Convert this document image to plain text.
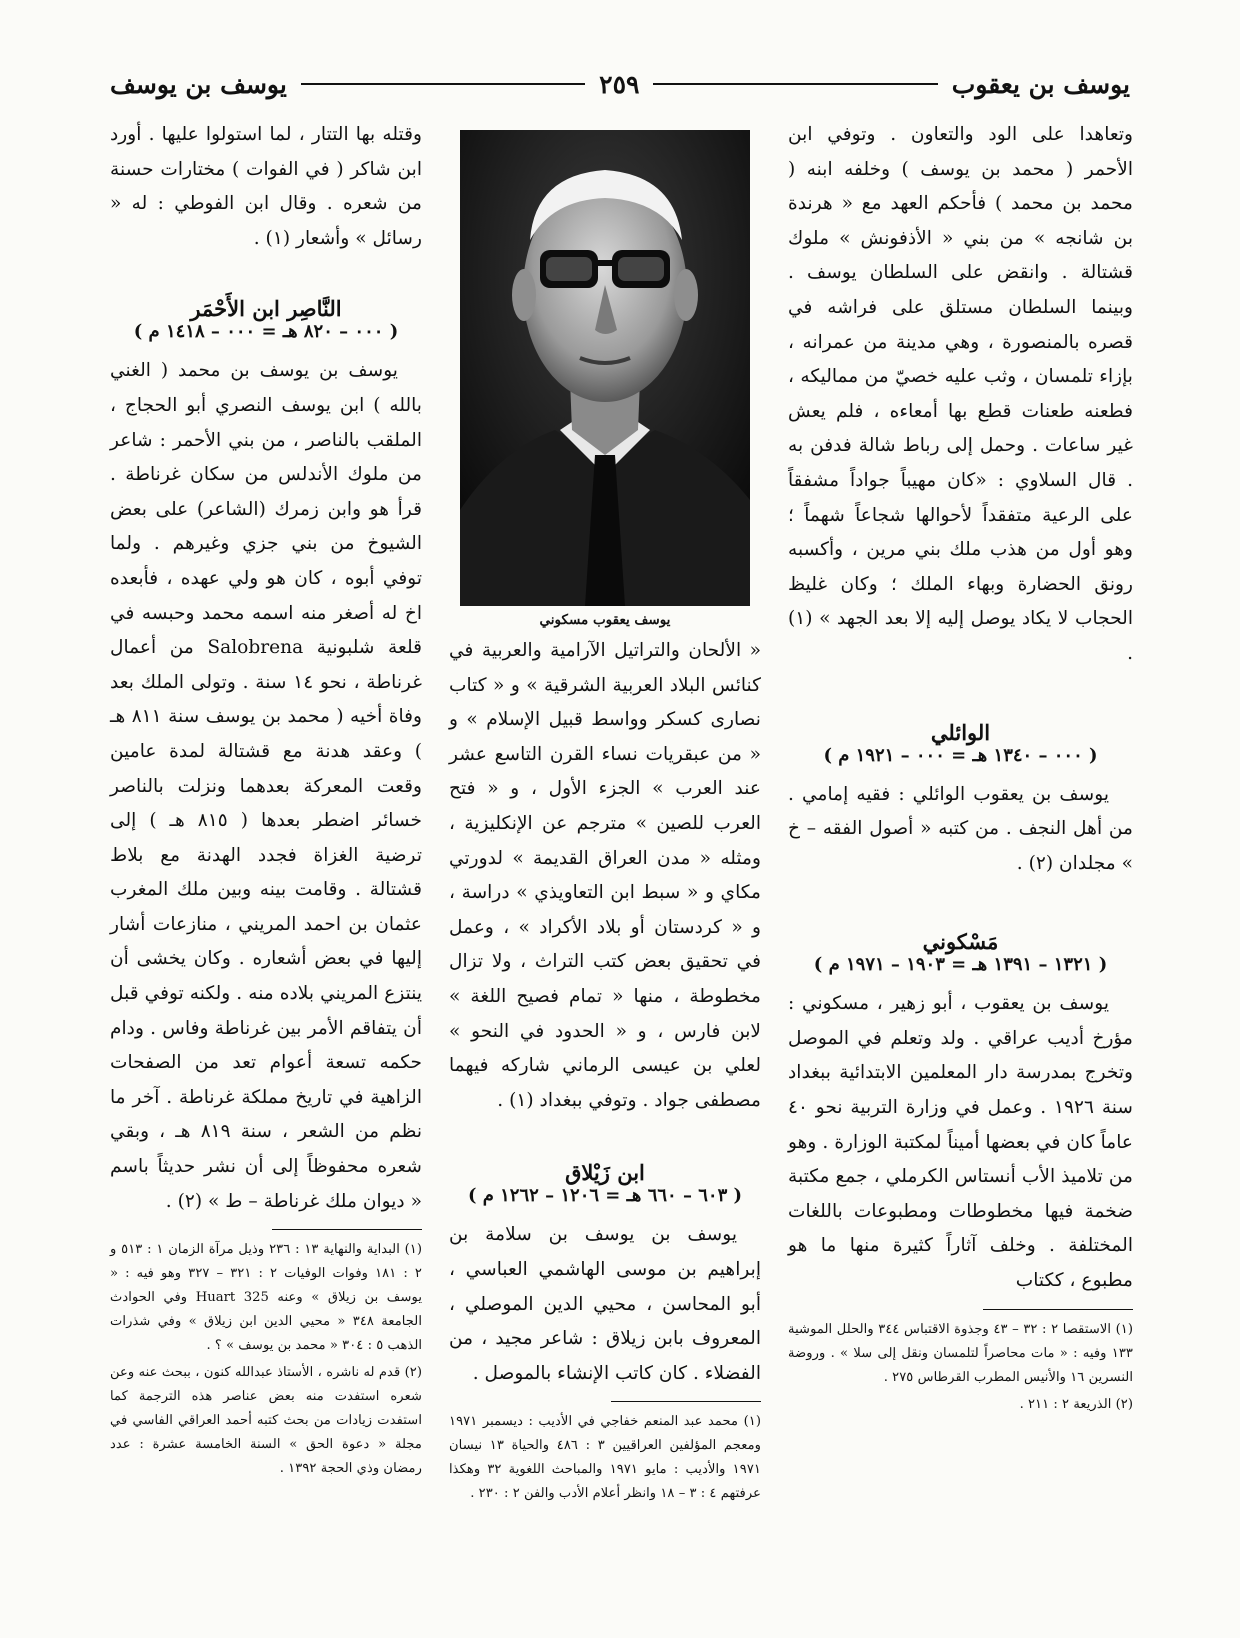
يوسف بن يعقوب
٢٥٩
يوسف بن يوسف

وتعاهدا على الود والتعاون . وتوفي ابن الأحمر ( محمد بن يوسف ) وخلفه ابنه ( محمد بن محمد ) فأحكم العهد مع « هرندة بن شانجه » من بني « الأذفونش » ملوك قشتالة . وانقض على السلطان يوسف . وبينما السلطان مستلق على فراشه في قصره بالمنصورة ، وهي مدينة من عمرانه ، بإزاء تلمسان ، وثب عليه خصيّ من مماليكه ، فطعنه طعنات قطع بها أمعاءه ، فلم يعش غير ساعات . وحمل إلى رباط شالة فدفن به . قال السلاوي : «كان مهيباً جواداً مشفقاً على الرعية متفقداً لأحوالها شجاعاً شهماً ؛ وهو أول من هذب ملك بني مرين ، وأكسبه رونق الحضارة وبهاء الملك ؛ وكان غليظ الحجاب لا يكاد يوصل إليه إلا بعد الجهد » (١) .

الوائلي
( ٠٠٠ – ١٣٤٠ هـ = ٠٠٠ – ١٩٢١ م )

يوسف بن يعقوب الوائلي : فقيه إمامي . من أهل النجف . من كتبه « أصول الفقه – خ » مجلدان (٢) .

مَسْكوني
( ١٣٢١ – ١٣٩١ هـ = ١٩٠٣ – ١٩٧١ م )

يوسف بن يعقوب ، أبو زهير ، مسكوني : مؤرخ أديب عراقي . ولد وتعلم في الموصل وتخرج بمدرسة دار المعلمين الابتدائية ببغداد سنة ١٩٢٦ . وعمل في وزارة التربية نحو ٤٠ عاماً كان في بعضها أميناً لمكتبة الوزارة . وهو من تلاميذ الأب أنستاس الكرملي ، جمع مكتبة ضخمة فيها مخطوطات ومطبوعات باللغات المختلفة . وخلف آثاراً كثيرة منها ما هو مطبوع ، ككتاب

(١) الاستقصا ٢ : ٣٢ – ٤٣ وجذوة الاقتباس ٣٤٤ والحلل الموشية ١٣٣ وفيه : « مات محاصراً لتلمسان ونقل إلى سلا » . وروضة النسرين ١٦ والأنيس المطرب القرطاس ٢٧٥ .

(٢) الذريعة ٢ : ٢١١ .

يوسف يعقوب مسكوني

« الألحان والتراتيل الآرامية والعربية في كنائس البلاد العربية الشرقية » و « كتاب نصارى كسكر وواسط قبيل الإسلام » و « من عبقريات نساء القرن التاسع عشر عند العرب » الجزء الأول ، و « فتح العرب للصين » مترجم عن الإنكليزية ، ومثله « مدن العراق القديمة » لدورتي مكاي و « سبط ابن التعاويذي » دراسة ، و « كردستان أو بلاد الأكراد » ، وعمل في تحقيق بعض كتب التراث ، ولا تزال مخطوطة ، منها « تمام فصيح اللغة » لابن فارس ، و « الحدود في النحو » لعلي بن عيسى الرماني شاركه فيهما مصطفى جواد . وتوفي ببغداد (١) .

ابن زَيْلاق
( ٦٠٣ – ٦٦٠ هـ = ١٢٠٦ – ١٢٦٢ م )

يوسف بن يوسف بن سلامة بن إبراهيم بن موسى الهاشمي العباسي ، أبو المحاسن ، محيي الدين الموصلي ، المعروف بابن زيلاق : شاعر مجيد ، من الفضلاء . كان كاتب الإنشاء بالموصل .

(١) محمد عبد المنعم خفاجي في الأديب : ديسمبر ١٩٧١ ومعجم المؤلفين العراقيين ٣ : ٤٨٦ والحياة ١٣ نيسان ١٩٧١ والأديب : مايو ١٩٧١ والمباحث اللغوية ٣٢ وهكذا عرفتهم ٤ : ٣ – ١٨ وانظر أعلام الأدب والفن ٢ : ٢٣٠ .

وقتله بها التتار ، لما استولوا عليها . أورد ابن شاكر ( في الفوات ) مختارات حسنة من شعره . وقال ابن الفوطي : له « رسائل » وأشعار (١) .

النَّاصِر ابن الأَحْمَر
( ٠٠٠ – ٨٢٠ هـ = ٠٠٠ – ١٤١٨ م )

يوسف بن يوسف بن محمد ( الغني بالله ) ابن يوسف النصري أبو الحجاج ، الملقب بالناصر ، من بني الأحمر : شاعر من ملوك الأندلس من سكان غرناطة . قرأ هو وابن زمرك (الشاعر) على بعض الشيوخ من بني جزي وغيرهم . ولما توفي أبوه ، كان هو ولي عهده ، فأبعده اخ له أصغر منه اسمه محمد وحبسه في قلعة شلبونية Salobrena من أعمال غرناطة ، نحو ١٤ سنة . وتولى الملك بعد وفاة أخيه ( محمد بن يوسف سنة ٨١١ هـ ) وعقد هدنة مع قشتالة لمدة عامين وقعت المعركة بعدهما ونزلت بالناصر خسائر اضطر بعدها ( ٨١٥ هـ ) إلى ترضية الغزاة فجدد الهدنة مع بلاط قشتالة . وقامت بينه وبين ملك المغرب عثمان بن احمد المريني ، منازعات أشار إليها في بعض أشعاره . وكان يخشى أن ينتزع المريني بلاده منه . ولكنه توفي قبل أن يتفاقم الأمر بين غرناطة وفاس . ودام حكمه تسعة أعوام تعد من الصفحات الزاهية في تاريخ مملكة غرناطة . آخر ما نظم من الشعر ، سنة ٨١٩ هـ ، وبقي شعره محفوظاً إلى أن نشر حديثاً باسم « ديوان ملك غرناطة – ط » (٢) .

(١) البداية والنهاية ١٣ : ٢٣٦ وذيل مرآة الزمان ١ : ٥١٣ و ٢ : ١٨١ وفوات الوفيات ٢ : ٣٢١ – ٣٢٧ وهو فيه : « يوسف بن زيلاق » وعنه Huart 325 وفي الحوادث الجامعة ٣٤٨ « محيي الدين ابن زيلاق » وفي شذرات الذهب ٥ : ٣٠٤ « محمد بن يوسف » ؟ .

(٢) قدم له ناشره ، الأستاذ عبدالله كنون ، ببحث عنه وعن شعره استفدت منه بعض عناصر هذه الترجمة كما استفدت زيادات من بحث كتبه أحمد العراقي الفاسي في مجلة « دعوة الحق » السنة الخامسة عشرة : عدد رمضان وذي الحجة ١٣٩٢ .
